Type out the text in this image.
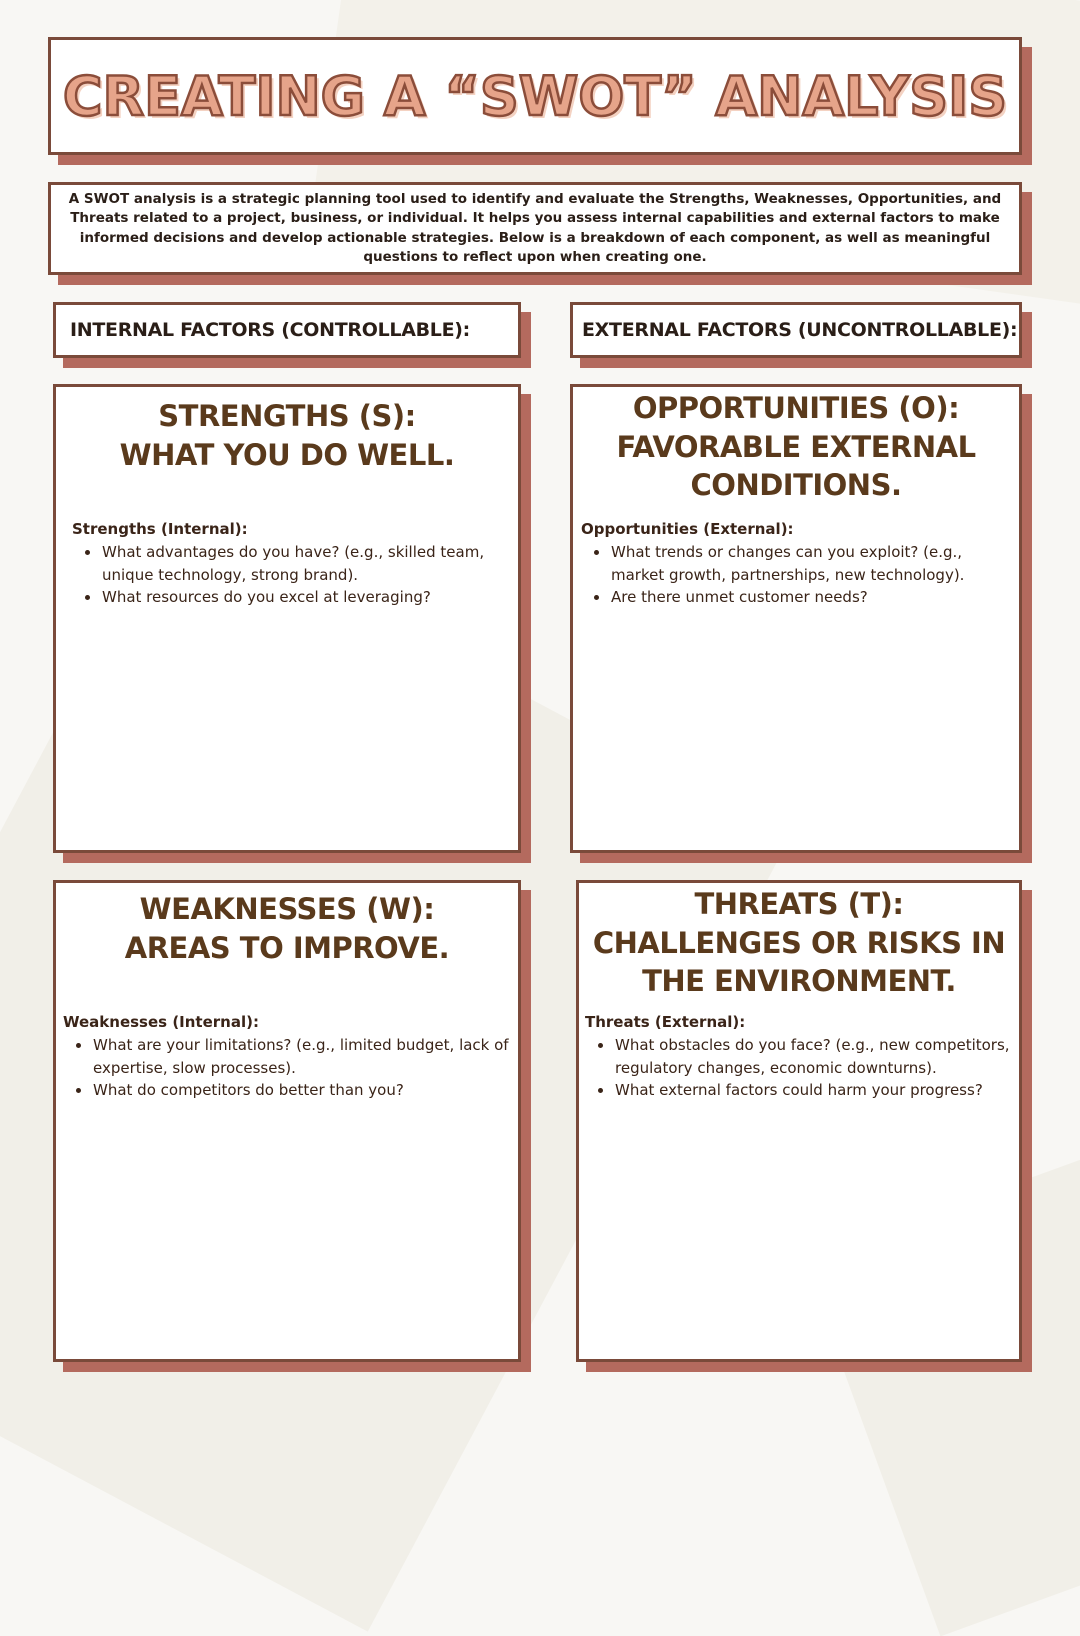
CREATING A “SWOT” ANALYSIS

A SWOT analysis is a strategic planning tool used to identify and evaluate the Strengths, Weaknesses, Opportunities, and Threats related to a project, business, or individual. It helps you assess internal capabilities and external factors to make informed decisions and develop actionable strategies. Below is a breakdown of each component, as well as meaningful questions to reflect upon when creating one.

INTERNAL FACTORS (CONTROLLABLE):	EXTERNAL FACTORS (UNCONTROLLABLE):
STRENGTHS (S):
WHAT YOU DO WELL.

Strengths (Internal):

What advantages do you have? (e.g., skilled team, unique technology, strong brand).
What resources do you excel at leveraging?
OPPORTUNITIES (O):
FAVORABLE EXTERNAL
CONDITIONS.

Opportunities (External):

What trends or changes can you exploit? (e.g., market growth, partnerships, new technology).
Are there unmet customer needs?
WEAKNESSES (W):
AREAS TO IMPROVE.

Weaknesses (Internal):

What are your limitations? (e.g., limited budget, lack of expertise, slow processes).
What do competitors do better than you?
THREATS (T):
CHALLENGES OR RISKS IN
THE ENVIRONMENT.

Threats (External):

What obstacles do you face? (e.g., new competitors, regulatory changes, economic downturns).
What external factors could harm your progress?
